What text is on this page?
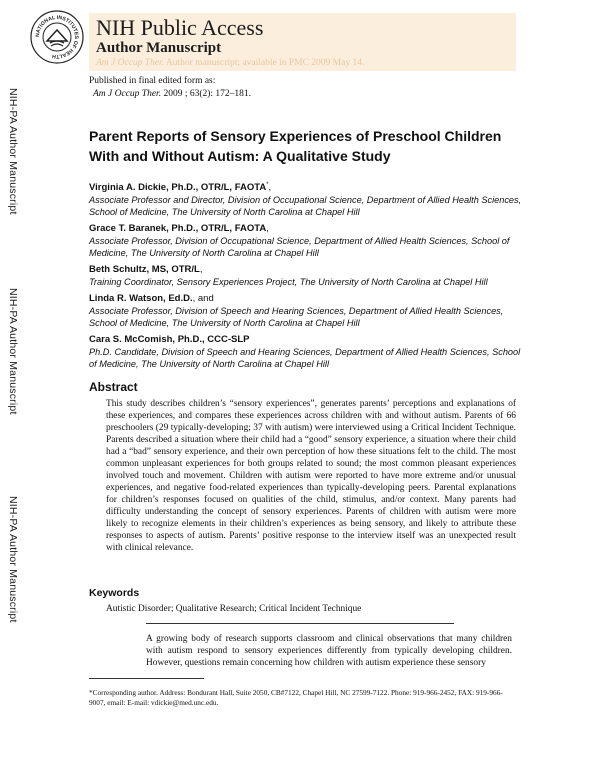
NATIONAL INSTITUTES OF HEALTH
NIH Public Access
Author Manuscript
Am J Occup Ther. Author manuscript; available in PMC 2009 May 14.
NIH-PA Author Manuscript
NIH-PA Author Manuscript
NIH-PA Author Manuscript
Published in final edited form as:
Am J Occup Ther. 2009 ; 63(2): 172–181.
Parent Reports of Sensory Experiences of Preschool Children With and Without Autism: A Qualitative Study
Virginia A. Dickie, Ph.D., OTR/L, FAOTA*,
Associate Professor and Director, Division of Occupational Science, Department of Allied Health Sciences, School of Medicine, The University of North Carolina at Chapel Hill
Grace T. Baranek, Ph.D., OTR/L, FAOTA,
Associate Professor, Division of Occupational Science, Department of Allied Health Sciences, School of Medicine, The University of North Carolina at Chapel Hill
Beth Schultz, MS, OTR/L,
Training Coordinator, Sensory Experiences Project, The University of North Carolina at Chapel Hill
Linda R. Watson, Ed.D., and
Associate Professor, Division of Speech and Hearing Sciences, Department of Allied Health Sciences, School of Medicine, The University of North Carolina at Chapel Hill
Cara S. McComish, Ph.D., CCC-SLP
Ph.D. Candidate, Division of Speech and Hearing Sciences, Department of Allied Health Sciences, School of Medicine, The University of North Carolina at Chapel Hill
Abstract
This study describes children’s “sensory experiences”, generates parents’ perceptions and explanations of these experiences, and compares these experiences across children with and without autism. Parents of 66 preschoolers (29 typically-developing; 37 with autism) were interviewed using a Critical Incident Technique. Parents described a situation where their child had a “good” sensory experience, a situation where their child had a “bad” sensory experience, and their own perception of how these situations felt to the child. The most common unpleasant experiences for both groups related to sound; the most common pleasant experiences involved touch and movement. Children with autism were reported to have more extreme and/or unusual experiences, and negative food-related experiences than typically-developing peers. Parental explanations for children’s responses focused on qualities of the child, stimulus, and/or context. Many parents had difficulty understanding the concept of sensory experiences. Parents of children with autism were more likely to recognize elements in their children’s experiences as being sensory, and likely to attribute these responses to aspects of autism. Parents’ positive response to the interview itself was an unexpected result with clinical relevance.
Keywords
Autistic Disorder; Qualitative Research; Critical Incident Technique
A growing body of research supports classroom and clinical observations that many children with autism respond to sensory experiences differently from typically developing children. However, questions remain concerning how children with autism experience these sensory
*Corresponding author. Address: Bondurant Hall, Suite 2050, CB#7122, Chapel Hill, NC 27599-7122. Phone: 919-966-2452, FAX: 919-966-9007, email: E-mail: vdickie@med.unc.edu.
